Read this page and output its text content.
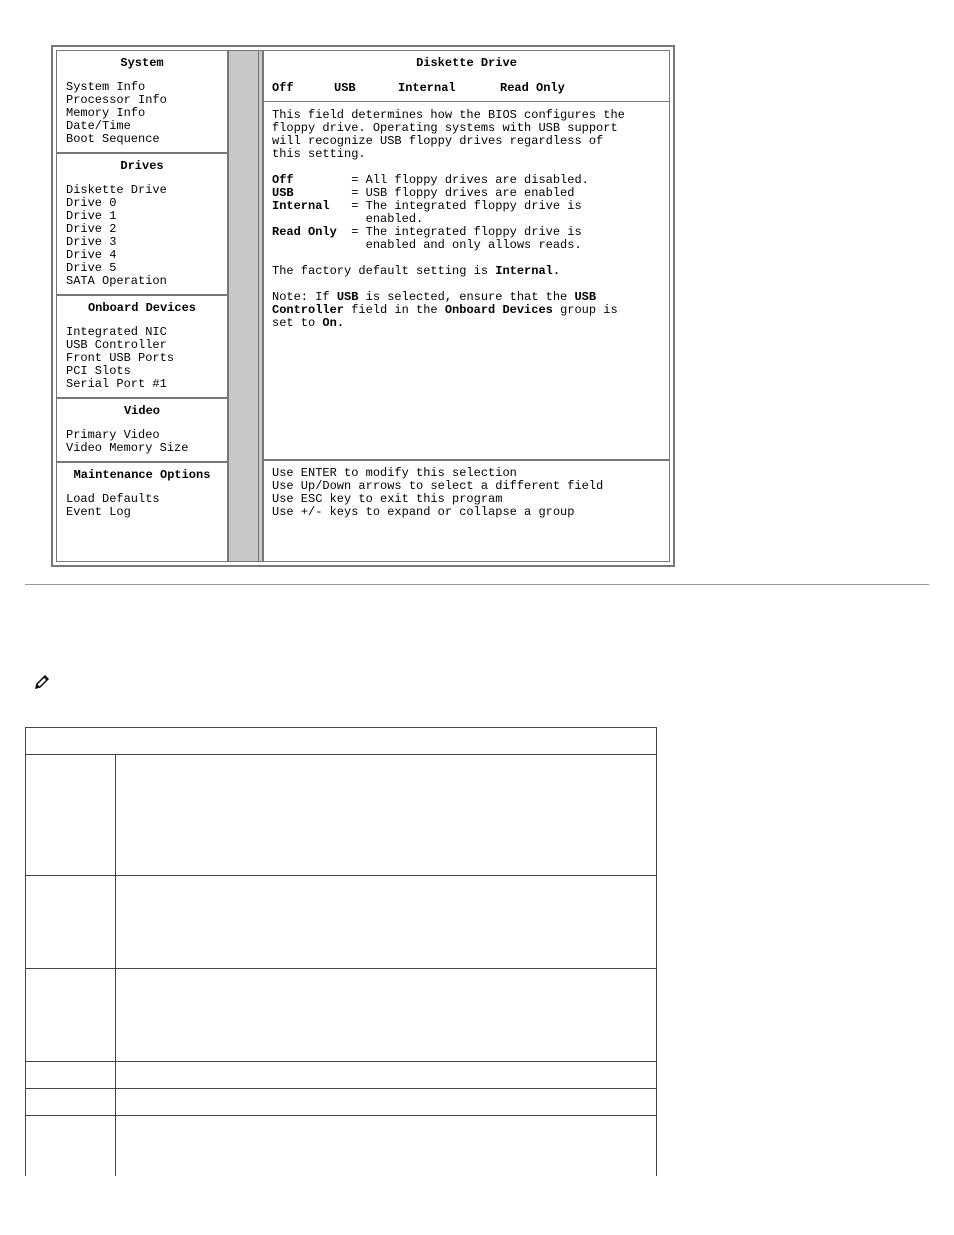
System
System Info
Processor Info
Memory Info
Date/Time
Boot Sequence
Drives
Diskette Drive
Drive 0
Drive 1
Drive 2
Drive 3
Drive 4
Drive 5
SATA Operation
Onboard Devices
Integrated NIC
USB Controller
Front USB Ports
PCI Slots
Serial Port #1
Video
Primary Video
Video Memory Size
Maintenance Options
Load Defaults
Event Log
Diskette Drive
Off	USB	Internal	Read Only
This field determines how the BIOS configures the
floppy drive. Operating systems with USB support
will recognize USB floppy drives regardless of
this setting.

Off	= All floppy drives are disabled.
USB	= USB floppy drives are enabled
Internal = The integrated floppy drive is
enabled.
Read Only = The integrated floppy drive is
enabled and only allows reads.

The factory default setting is Internal.

Note: If USB is selected, ensure that the USB
Controller field in the Onboard Devices group is
set to On.
Use ENTER to modify this selection
Use Up/Down arrows to select a different field
Use ESC key to exit this program
Use +/- keys to expand or collapse a group
